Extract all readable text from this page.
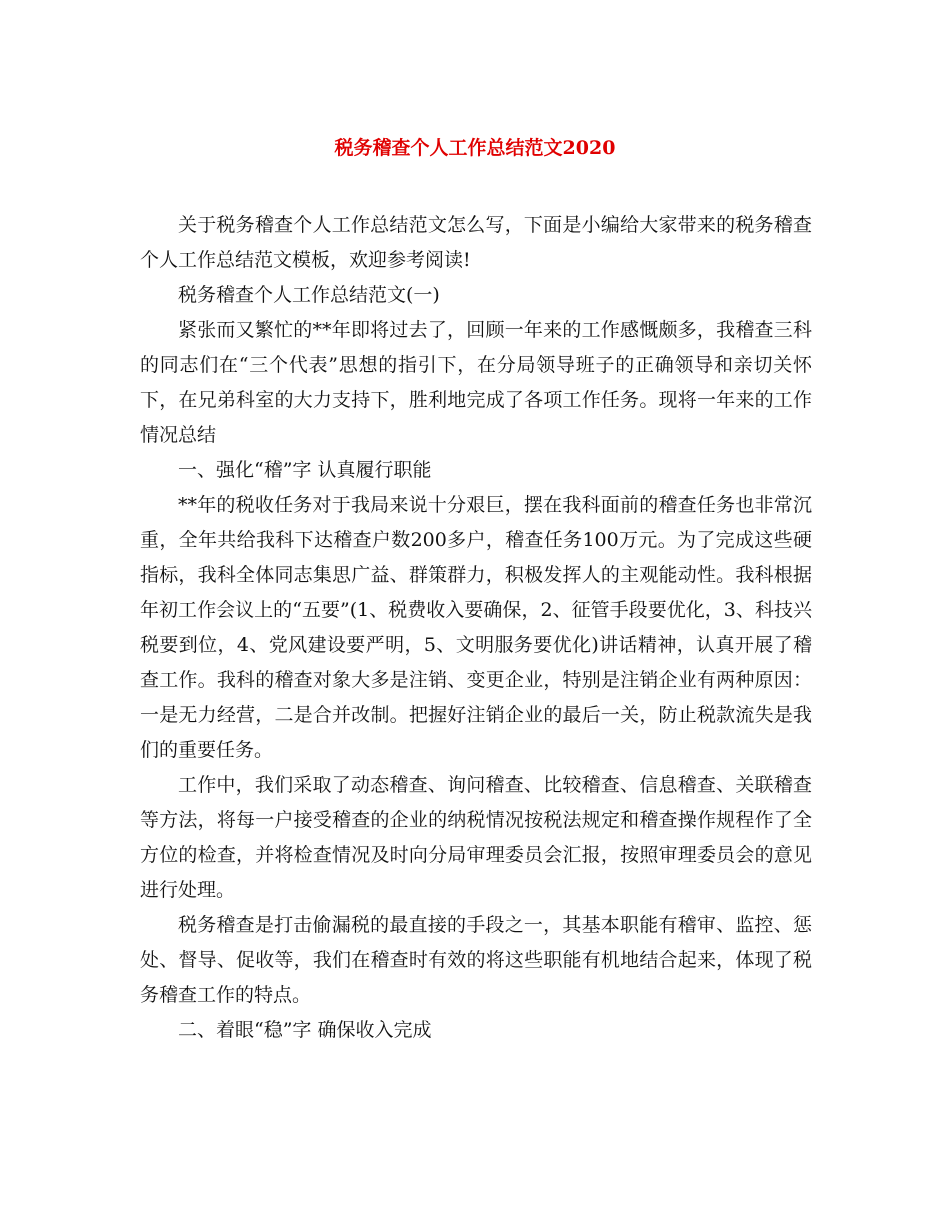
税务稽查个人工作总结范文2020

关于税务稽查个人工作总结范文怎么写，下面是小编给大家带来的税务稽查个人工作总结范文模板，欢迎参考阅读!

税务稽查个人工作总结范文(一)

紧张而又繁忙的**年即将过去了，回顾一年来的工作感慨颇多，我稽查三科的同志们在“三个代表”思想的指引下，在分局领导班子的正确领导和亲切关怀下，在兄弟科室的大力支持下，胜利地完成了各项工作任务。现将一年来的工作情况总结

一、强化“稽”字 认真履行职能

**年的税收任务对于我局来说十分艰巨，摆在我科面前的稽查任务也非常沉重，全年共给我科下达稽查户数200多户，稽查任务100万元。为了完成这些硬指标，我科全体同志集思广益、群策群力，积极发挥人的主观能动性。我科根据年初工作会议上的“五要”(1、税费收入要确保，2、征管手段要优化，3、科技兴税要到位，4、党风建设要严明，5、文明服务要优化)讲话精神，认真开展了稽查工作。我科的稽查对象大多是注销、变更企业，特别是注销企业有两种原因：一是无力经营，二是合并改制。把握好注销企业的最后一关，防止税款流失是我们的重要任务。

工作中，我们采取了动态稽查、询问稽查、比较稽查、信息稽查、关联稽查等方法，将每一户接受稽查的企业的纳税情况按税法规定和稽查操作规程作了全方位的检查，并将检查情况及时向分局审理委员会汇报，按照审理委员会的意见进行处理。

税务稽查是打击偷漏税的最直接的手段之一，其基本职能有稽审、监控、惩处、督导、促收等，我们在稽查时有效的将这些职能有机地结合起来，体现了税务稽查工作的特点。

二、着眼“稳”字 确保收入完成
